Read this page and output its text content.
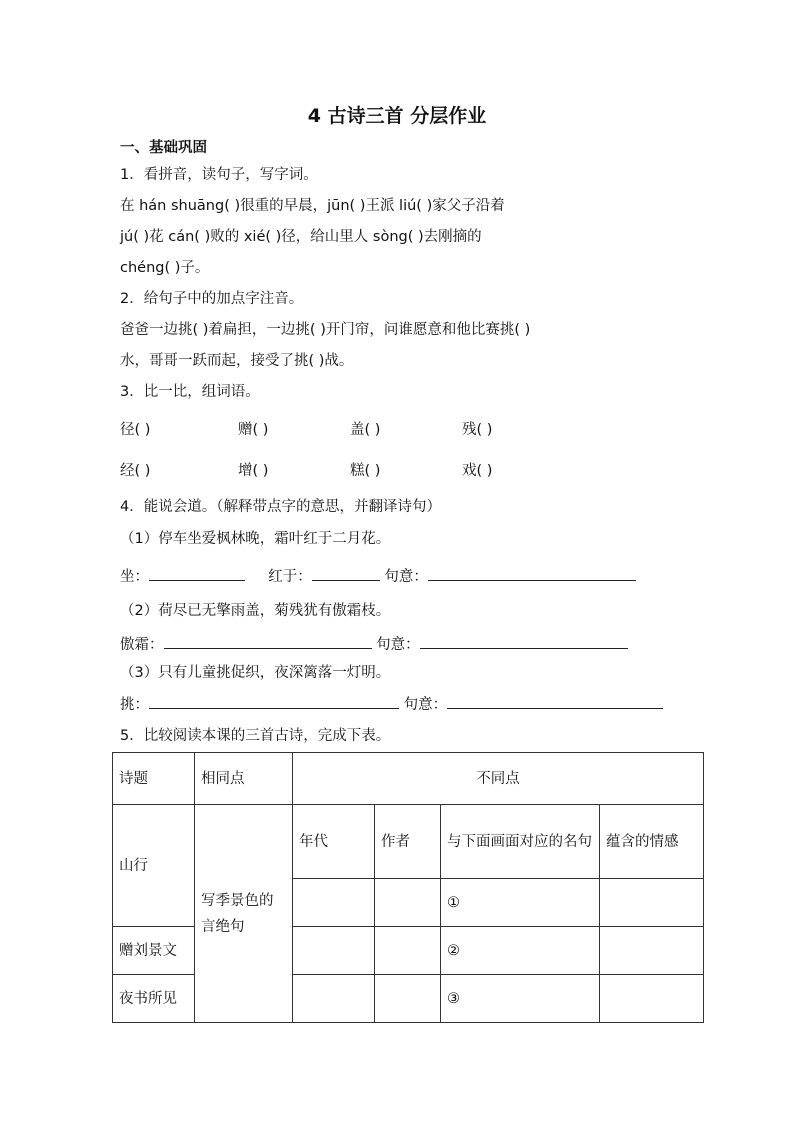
4 古诗三首 分层作业
一、基础巩固
1．看拼音，读句子，写字词。
在 hán shuāng( )很重的早晨，jūn( )王派 liú( )家父子沿着
jú( )花 cán( )败的 xié( )径，给山里人 sòng( )去刚摘的
chéng( )子。
2．给句子中的加点字注音。
爸爸一边挑( )着扁担，一边挑( )开门帘，问谁愿意和他比赛挑( )
水，哥哥一跃而起，接受了挑( )战。
3．比一比，组词语。
径( )	赠( )	盖( )	残( )
经( )	增( )	糕( )	戏( )
4．能说会道。（解释带点字的意思，并翻译诗句）
（1）停车坐爱枫林晚，霜叶红于二月花。
坐：	红于：	句意：
（2）荷尽已无擎雨盖，菊残犹有傲霜枝。
傲霜：	句意：
（3）只有儿童挑促织，夜深篱落一灯明。
挑：	句意：
5．比较阅读本课的三首古诗，完成下表。
诗题	相同点	不同点			
山行	写季景色的言绝句	年代	作者	与下面画面对应的名句	蕴含的情感
				①	
赠刘景文				②	
夜书所见				③	
